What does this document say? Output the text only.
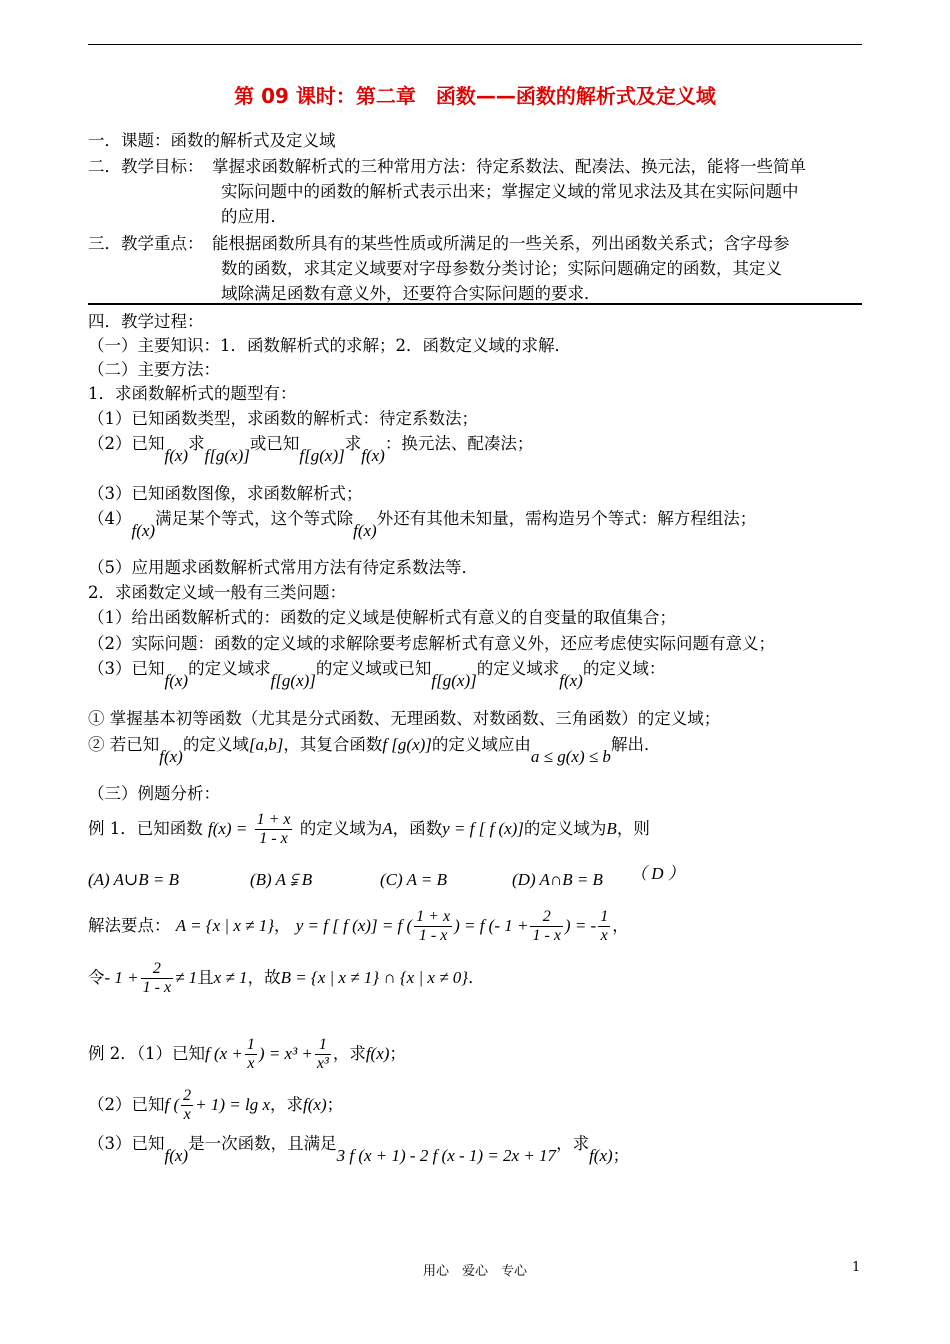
第 09 课时：第二章　函数——函数的解析式及定义域
一．课题：函数的解析式及定义域
二．教学目标： 掌握求函数解析式的三种常用方法：待定系数法、配凑法、换元法，能将一些简单
实际问题中的函数的解析式表示出来；掌握定义域的常见求法及其在实际问题中
的应用．
三．教学重点： 能根据函数所具有的某些性质或所满足的一些关系，列出函数关系式；含字母参
数的函数，求其定义域要对字母参数分类讨论；实际问题确定的函数，其定义
域除满足函数有意义外，还要符合实际问题的要求．
四．教学过程：
（一）主要知识：1．函数解析式的求解；2．函数定义域的求解．
（二）主要方法：
1．求函数解析式的题型有：
（1）已知函数类型，求函数的解析式：待定系数法；
（2）已知f(x)求f[g(x)]或已知f[g(x)]求f(x)：换元法、配凑法；
（3）已知函数图像，求函数解析式；
（4）f(x)满足某个等式，这个等式除f(x)外还有其他未知量，需构造另个等式：解方程组法；
（5）应用题求函数解析式常用方法有待定系数法等．
2．求函数定义域一般有三类问题：
（1）给出函数解析式的：函数的定义域是使解析式有意义的自变量的取值集合；
（2）实际问题：函数的定义域的求解除要考虑解析式有意义外，还应考虑使实际问题有意义；
（3）已知f(x)的定义域求f[g(x)]的定义域或已知f[g(x)]的定义域求f(x)的定义域：
① 掌握基本初等函数（尤其是分式函数、无理函数、对数函数、三角函数）的定义域；
② 若已知f(x)的定义域[a,b]，其复合函数f [g(x)]的定义域应由a ≤ g(x) ≤ b解出．
（三）例题分析：
例 1．已知函数 $f(x) = \frac{1 + x}{1 - x}$ 的定义域为A，函数y = f [ f (x)]的定义域为B，则
(A) A∪B = B	(B) A ⫋ B	(C) A = B	(D) A∩B = B （ D ）
解法要点： A = {x | x ≠ 1}， y = f [ f (x)] = f ( $\frac{1 + x}{1 - x}$ ) = f (- $1 + \frac{2}{1 - x}$ ) = - $\frac{1}{x}$ ，
令- $1 + \frac{2}{1 - x} \ne 1$且x ≠ 1，故B = {x | x ≠ 1} ∩ {x | x ≠ 0}．
例 2．（1）已知f ($x + \frac{1}{x}$ ) = $x^3 + \frac{1}{\text{x³}}$ ，求f(x)；
（2）已知f ( $\frac{2}{x} + 1) = \lg x$，求f(x)；
（3）已知f(x)是一次函数，且满足3 f (x + 1) - 2 f (x - 1) = 2x + 17，求f(x)；
用心　爱心　专心	1
